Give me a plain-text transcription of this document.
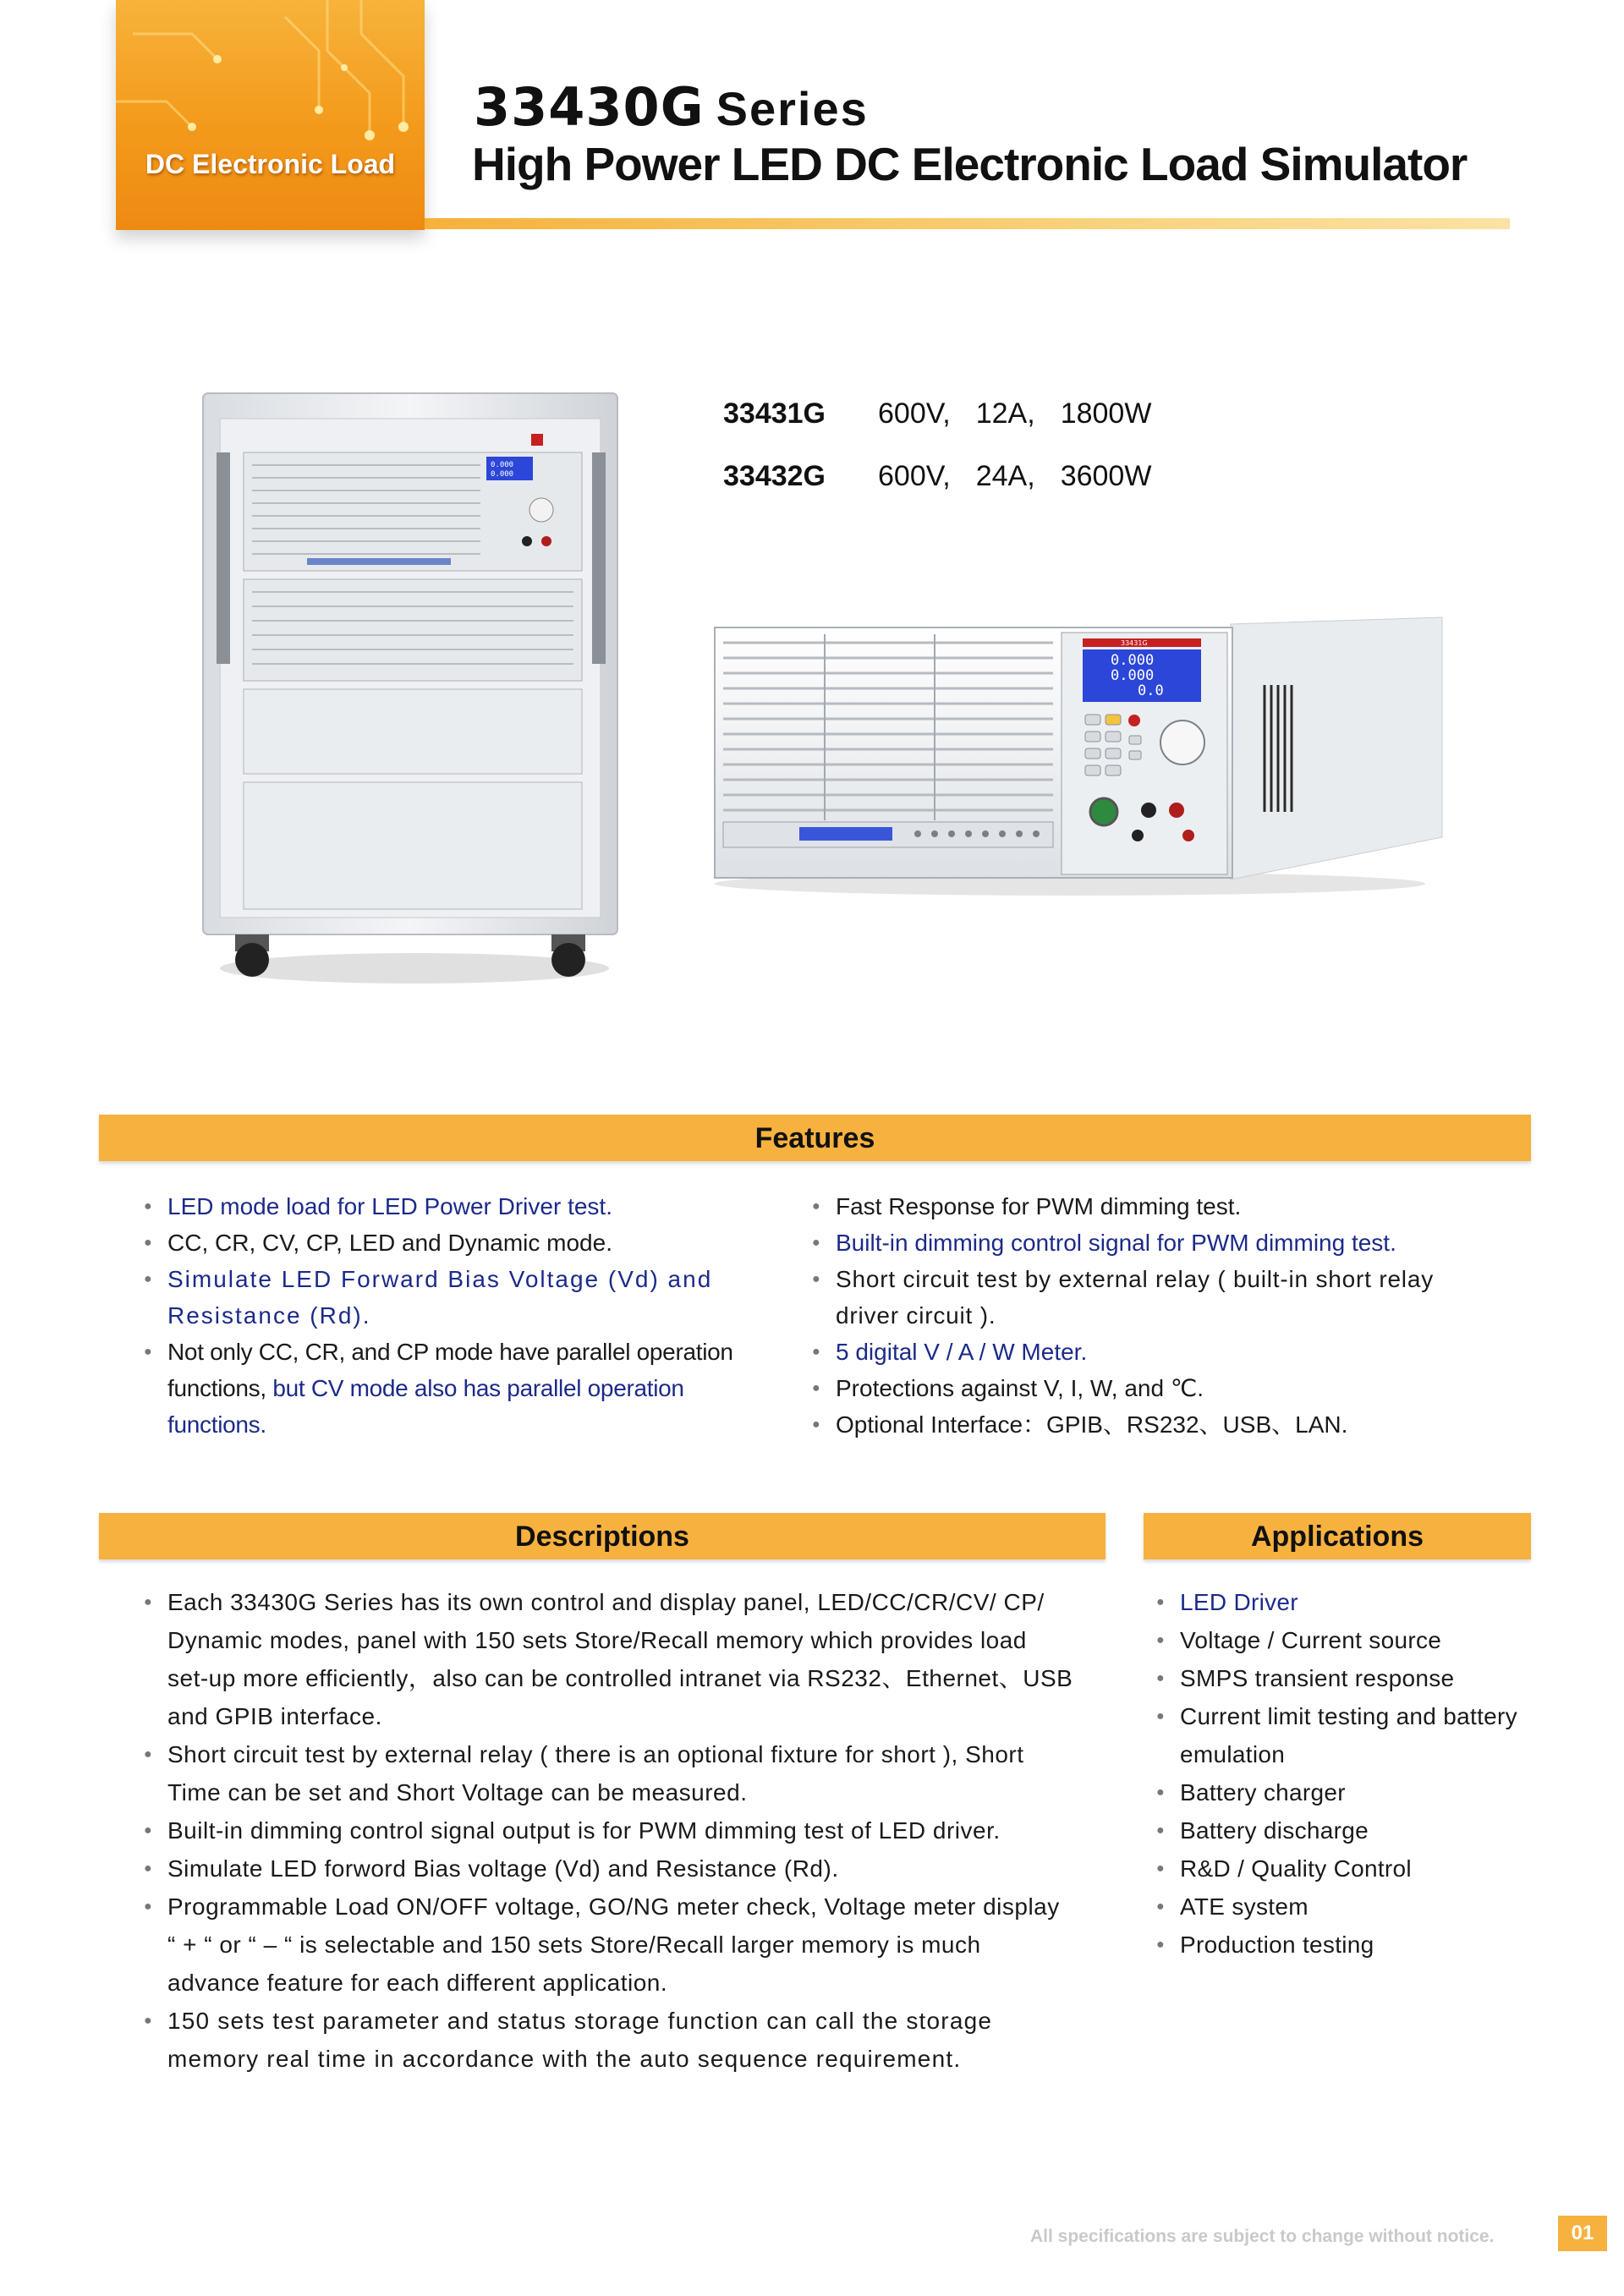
DC Electronic Load
33430G Series
High Power LED DC Electronic Load Simulator
0.000
0.000
33431G 600V, 12A, 1800W
33432G 600V, 24A, 3600W
33431G
0.000
0.000
0.0
Features
● LED mode load for LED Power Driver test.
● CC, CR, CV, CP, LED and Dynamic mode.
● Simulate LED Forward Bias Voltage (Vd) and Resistance (Rd).
● Not only CC, CR, and CP mode have parallel operation functions, but CV mode also has parallel operation functions.
● Fast Response for PWM dimming test.
● Built-in dimming control signal for PWM dimming test.
● Short circuit test by external relay ( built-in short relay driver circuit ).
● 5 digital V / A / W Meter.
● Protections against V, I, W, and ℃.
● Optional Interface：GPIB、RS232、USB、LAN.
Descriptions	Applications
● Each 33430G Series has its own control and display panel, LED/CC/CR/CV/ CP/ Dynamic modes, panel with 150 sets Store/Recall memory which provides load set-up more efficiently，also can be controlled intranet via RS232、Ethernet、USB and GPIB interface.
● Short circuit test by external relay ( there is an optional fixture for short ), Short Time can be set and Short Voltage can be measured.
● Built-in dimming control signal output is for PWM dimming test of LED driver.
● Simulate LED forword Bias voltage (Vd) and Resistance (Rd).
● Programmable Load ON/OFF voltage, GO/NG meter check, Voltage meter display “ + “ or “ – “ is selectable and 150 sets Store/Recall larger memory is much advance feature for each different application.
● 150 sets test parameter and status storage function can call the storage memory real time in accordance with the auto sequence requirement.
● LED Driver
● Voltage / Current source
● SMPS transient response
● Current limit testing and battery emulation
● Battery charger
● Battery discharge
● R&D / Quality Control
● ATE system
● Production testing
All specifications are subject to change without notice.	01
